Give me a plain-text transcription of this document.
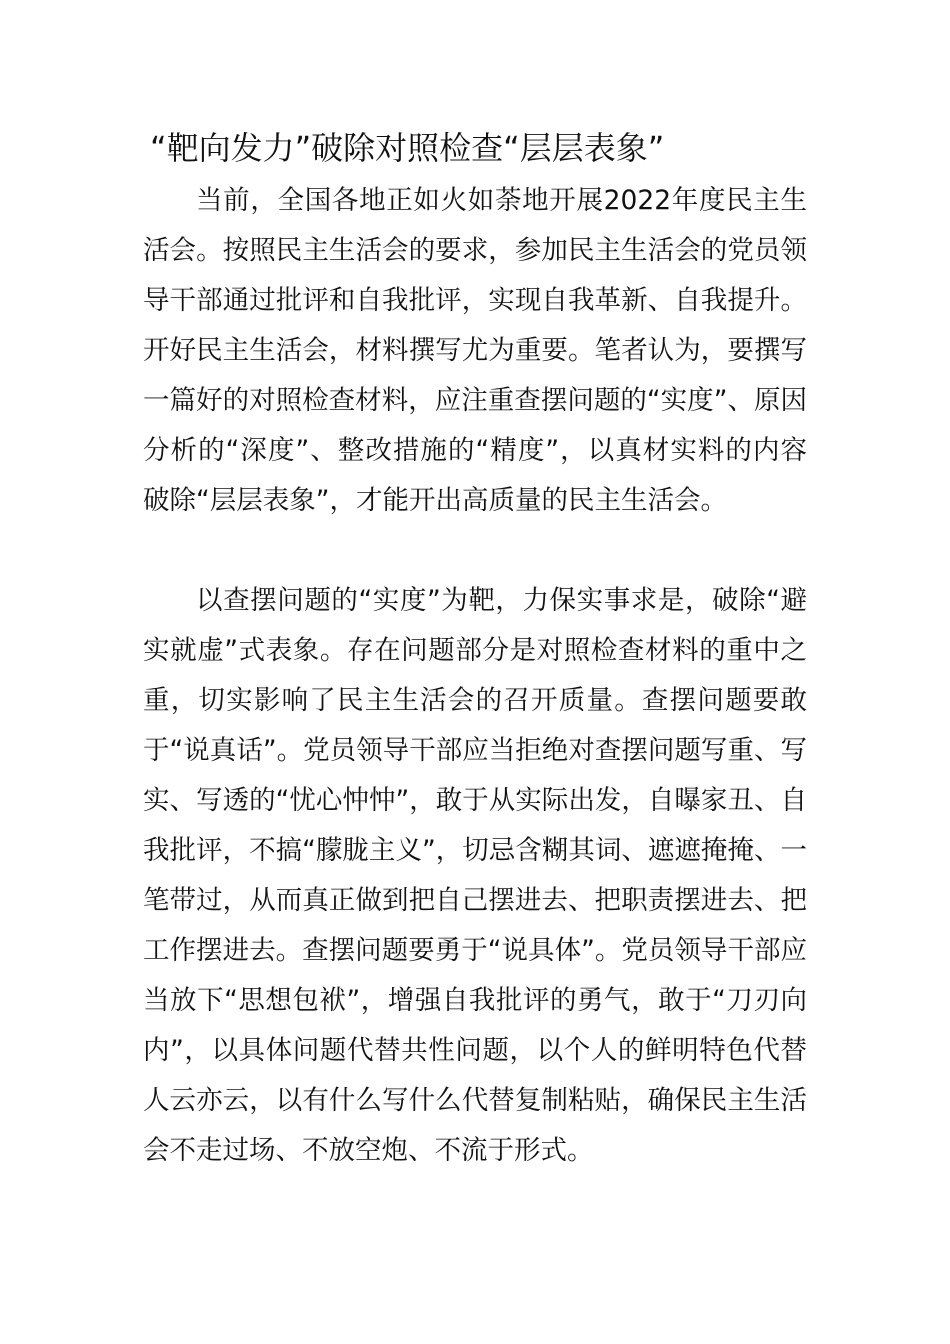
“靶向发力”破除对照检查“层层表象”

当前，全国各地正如火如荼地开展2022年度民主生活会。按照民主生活会的要求，参加民主生活会的党员领导干部通过批评和自我批评，实现自我革新、自我提升。开好民主生活会，材料撰写尤为重要。笔者认为，要撰写一篇好的对照检查材料，应注重查摆问题的“实度”、原因分析的“深度”、整改措施的“精度”，以真材实料的内容破除“层层表象”，才能开出高质量的民主生活会。

以查摆问题的“实度”为靶，力保实事求是，破除“避实就虚”式表象。存在问题部分是对照检查材料的重中之重，切实影响了民主生活会的召开质量。查摆问题要敢于“说真话”。党员领导干部应当拒绝对查摆问题写重、写实、写透的“忧心忡忡”，敢于从实际出发，自曝家丑、自我批评，不搞“朦胧主义”，切忌含糊其词、遮遮掩掩、一笔带过，从而真正做到把自己摆进去、把职责摆进去、把工作摆进去。查摆问题要勇于“说具体”。党员领导干部应当放下“思想包袱”，增强自我批评的勇气，敢于“刀刃向内”，以具体问题代替共性问题，以个人的鲜明特色代替人云亦云，以有什么写什么代替复制粘贴，确保民主生活会不走过场、不放空炮、不流于形式。
